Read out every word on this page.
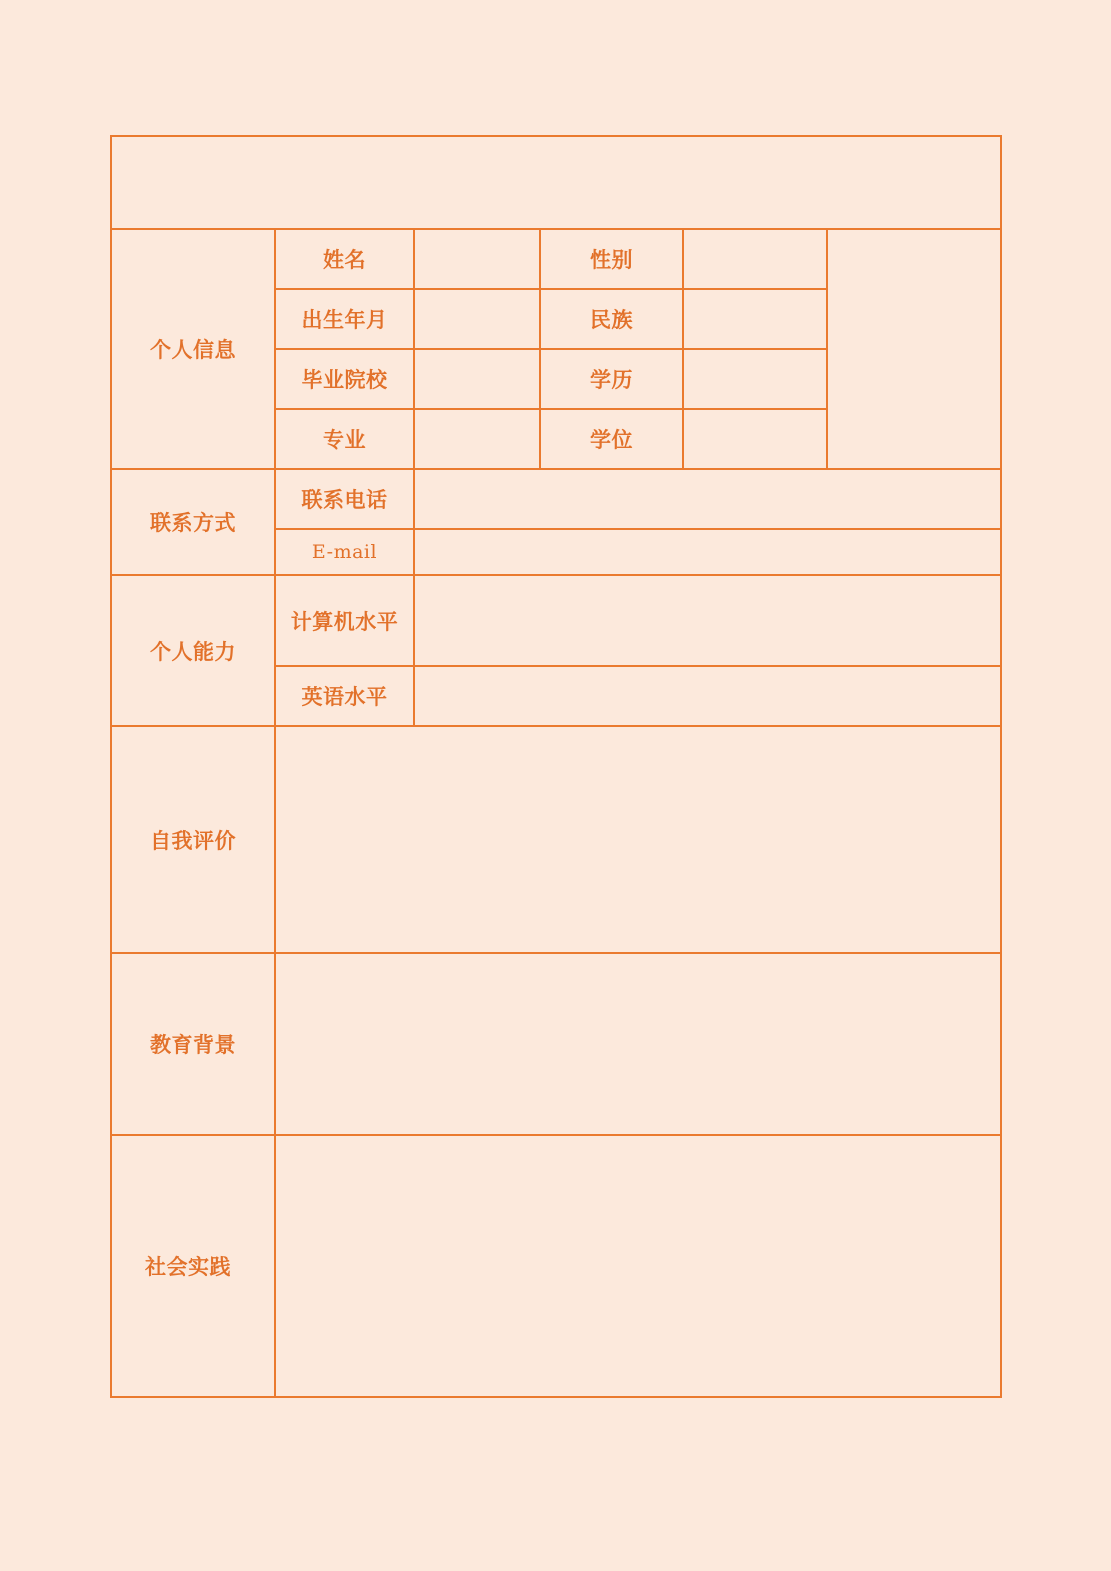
个人信息	姓名		性别		
	出生年月		民族		
	毕业院校		学历		
	专业		学位		
联系方式	联系电话				
	E-mail				
个人能力	计算机水平				
	英语水平				
自我评价					
教育背景					
社会实践					
